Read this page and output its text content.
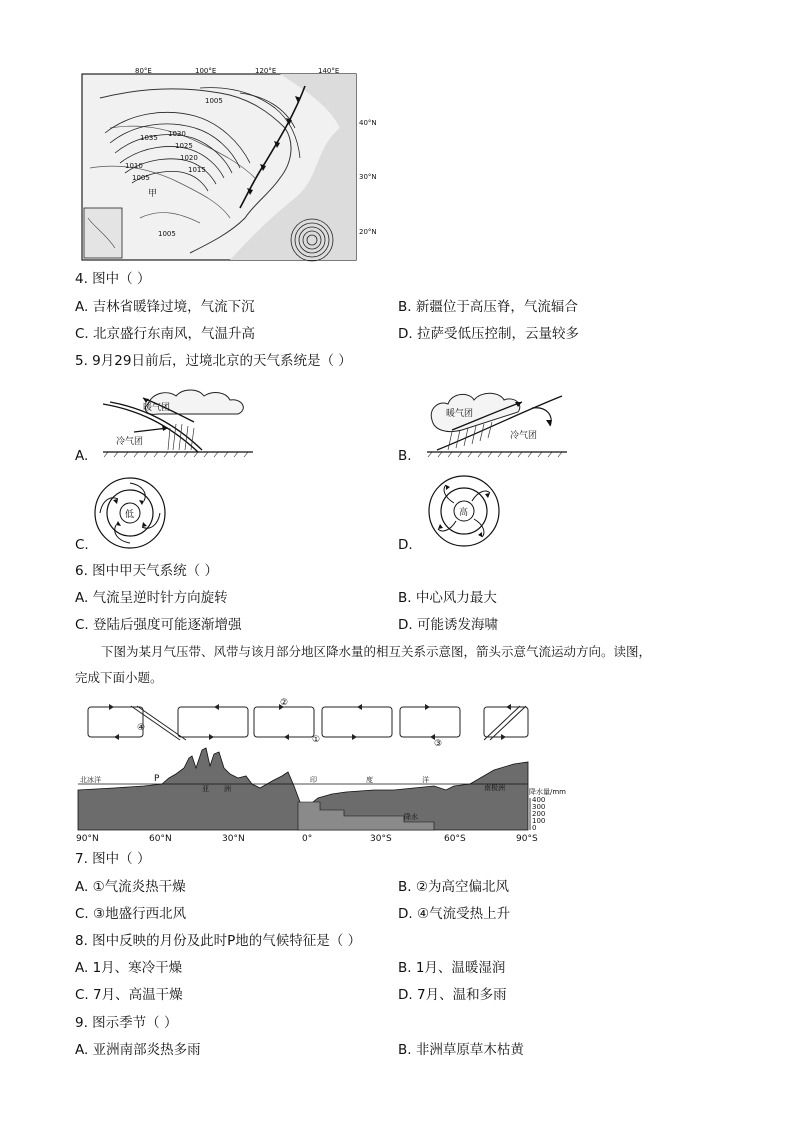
80°E	100°E	120°E	140°E
40°N
30°N
20°N
1035 1030
1025
1020
1015
1010
1005
1005
1005
甲
4. 图中（ ）
A. 吉林省暖锋过境，气流下沉	B. 新疆位于高压脊，气流辐合
C. 北京盛行东南风，气温升高	D. 拉萨受低压控制，云量较多
5. 9月29日前后，过境北京的天气系统是（ ）
A.
暖气团
冷气团
B.
暖气团
冷气团
C.
低
D.
高
6. 图中甲天气系统（ ）
A. 气流呈逆时针方向旋转	B. 中心风力最大
C. 登陆后强度可能逐渐增强	D. 可能诱发海啸
下图为某月气压带、风带与该月部分地区降水量的相互关系示意图，箭头示意气流运动方向。读图，
完成下面小题。
④
②
①	③
降水量/mm
400
300
200
100
0
北冰洋	P
亚 洲
印	度	洋
南极洲
降水
90°N	60°N	30°N	0°	30°S	60°S	90°S
7. 图中（ ）
A. ①气流炎热干燥	B. ②为高空偏北风
C. ③地盛行西北风	D. ④气流受热上升
8. 图中反映的月份及此时P地的气候特征是（ ）
A. 1月、寒冷干燥	B. 1月、温暖湿润
C. 7月、高温干燥	D. 7月、温和多雨
9. 图示季节（ ）
A. 亚洲南部炎热多雨	B. 非洲草原草木枯黄
